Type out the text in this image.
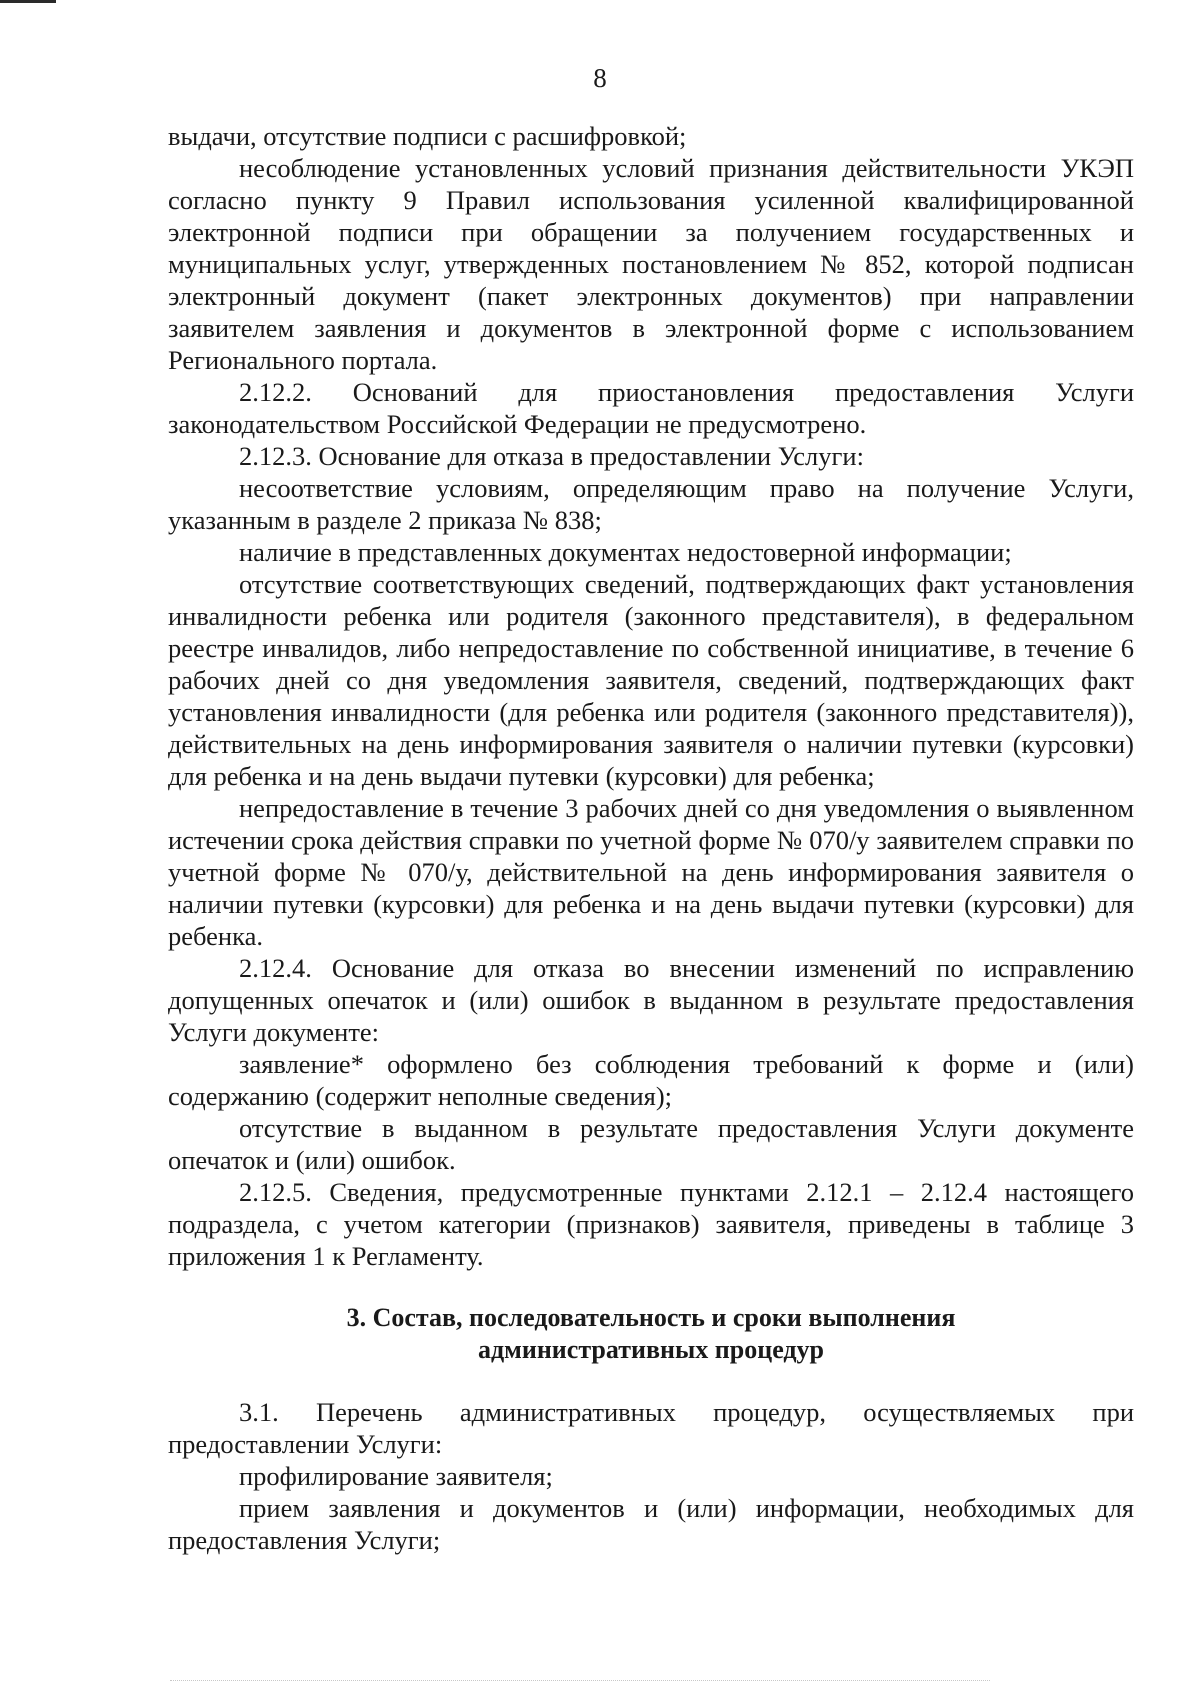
8

выдачи, отсутствие подписи с расшифровкой;

несоблюдение установленных условий признания действительности УКЭП согласно пункту 9 Правил использования усиленной квалифицированной электронной подписи при обращении за получением государственных и муниципальных услуг, утвержденных постановлением № 852, которой подписан электронный документ (пакет электронных документов) при направлении заявителем заявления и документов в электронной форме с использованием Регионального портала.

2.12.2. Оснований для приостановления предоставления Услуги законодательством Российской Федерации не предусмотрено.

2.12.3. Основание для отказа в предоставлении Услуги:

несоответствие условиям, определяющим право на получение Услуги, указанным в разделе 2 приказа № 838;

наличие в представленных документах недостоверной информации;

отсутствие соответствующих сведений, подтверждающих факт установления инвалидности ребенка или родителя (законного представителя), в федеральном реестре инвалидов, либо непредоставление по собственной инициативе, в течение 6 рабочих дней со дня уведомления заявителя, сведений, подтверждающих факт установления инвалидности (для ребенка или родителя (законного представителя)), действительных на день информирования заявителя о наличии путевки (курсовки) для ребенка и на день выдачи путевки (курсовки) для ребенка;

непредоставление в течение 3 рабочих дней со дня уведомления о выявленном истечении срока действия справки по учетной форме № 070/у заявителем справки по учетной форме № 070/у, действительной на день информирования заявителя о наличии путевки (курсовки) для ребенка и на день выдачи путевки (курсовки) для ребенка.

2.12.4. Основание для отказа во внесении изменений по исправлению допущенных опечаток и (или) ошибок в выданном в результате предоставления Услуги документе:

заявление* оформлено без соблюдения требований к форме и (или) содержанию (содержит неполные сведения);

отсутствие в выданном в результате предоставления Услуги документе опечаток и (или) ошибок.

2.12.5. Сведения, предусмотренные пунктами 2.12.1 – 2.12.4 настоящего подраздела, с учетом категории (признаков) заявителя, приведены в таблице 3 приложения 1 к Регламенту.

3. Состав, последовательность и сроки выполнения

административных процедур

3.1. Перечень административных процедур, осуществляемых при предоставлении Услуги:

профилирование заявителя;

прием заявления и документов и (или) информации, необходимых для предоставления Услуги;
